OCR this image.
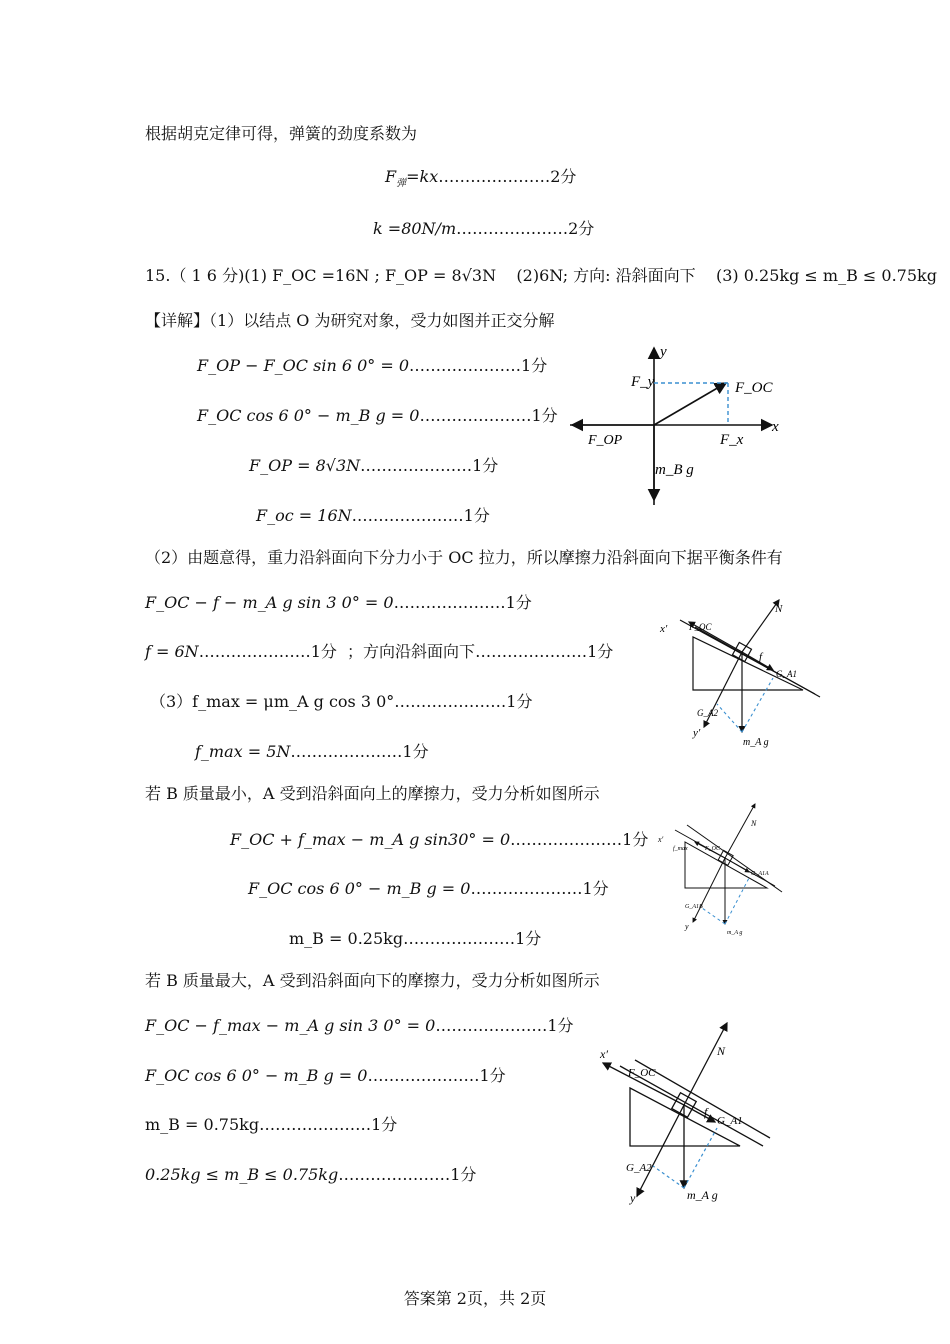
根据胡克定律可得，弹簧的劲度系数为
$F_弹=kx\dots\dots\dots\dots\dots\dots\dots 2$分
k =80N/m…………………2分
15.（ 1 6 分)(1) F_OC =16N ; F_OP = 8√3N (2)6N; 方向: 沿斜面向下 (3) 0.25kg ≤ m_B ≤ 0.75kg
【详解】（1）以结点 O 为研究对象，受力如图并正交分解
F_OP − F_OC sin 6 0° = 0…………………1分
F_OC cos 6 0° − m_B g = 0…………………1分
F_OP = 8√3N…………………1分
F_oc = 16N…………………1分
y
x
F_y	F_OC
F_OP	F_x
m_B g
（2）由题意得，重力沿斜面向下分力小于 OC 拉力，所以摩擦力沿斜面向下据平衡条件有
F_OC − f − m_A g sin 3 0° = 0…………………1分
f = 6N…………………1分 ；方向沿斜面向下…………………1分
（3）f_max = μm_A g cos 3 0°…………………1分
f_max = 5N…………………1分
x′
y′
N
F_OC
f
G_A1
G_A2
m_A g
若 B 质量最小，A 受到沿斜面向上的摩擦力，受力分析如图所示
F_OC + f_max − m_A g sin30° = 0…………………1分
F_OC cos 6 0° − m_B g = 0…………………1分
m_B = 0.25kg…………………1分
x′
y
N
f_max	F_OC
G_A1A
G_A1B
m_A g
若 B 质量最大，A 受到沿斜面向下的摩擦力，受力分析如图所示
F_OC − f_max − m_A g sin 3 0° = 0…………………1分
F_OC cos 6 0° − m_B g = 0…………………1分
m_B = 0.75kg…………………1分
0.25kg ≤ m_B ≤ 0.75kg…………………1分
x′
y′
N
F_OC
f
G_A1
G_A2
m_A g
答案第 2页，共 2页
